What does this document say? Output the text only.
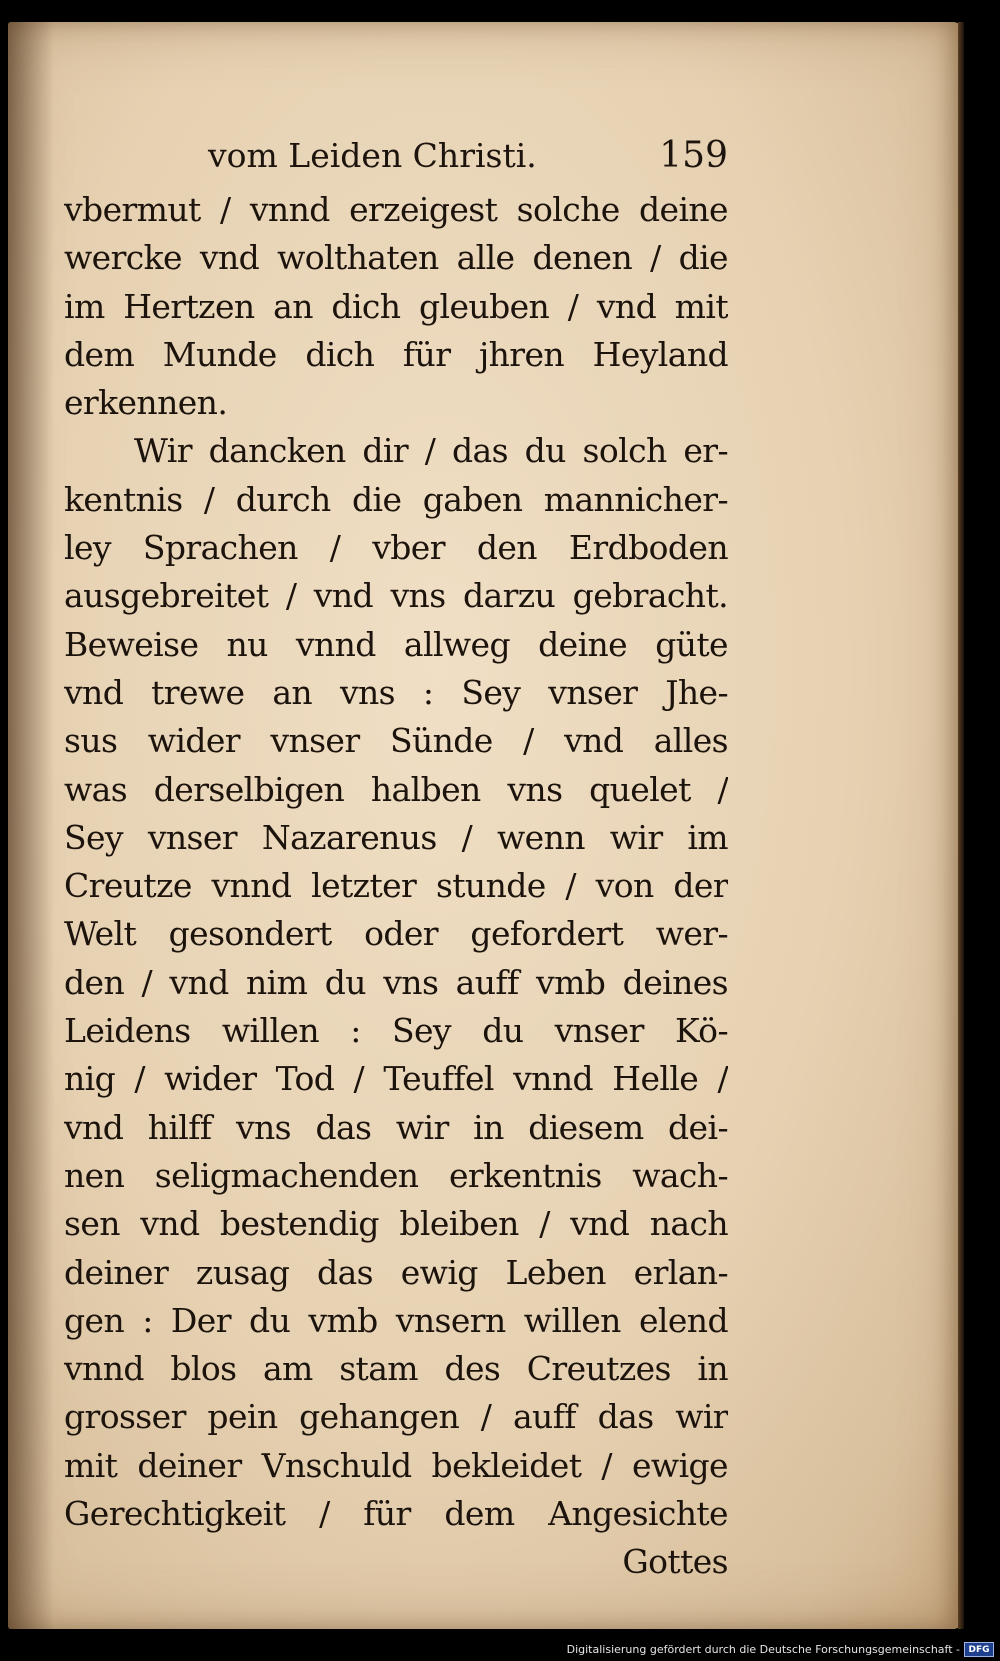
vom Leiden Christi.	159
vbermut / vnnd erzeigest solche deine
wercke vnd wolthaten alle denen / die
im Hertzen an dich gleuben / vnd mit
dem Munde dich für jhren Heyland
erkennen.
Wir dancken dir / das du solch er-
kentnis / durch die gaben mannicher-
ley Sprachen / vber den Erdboden
ausgebreitet / vnd vns darzu gebracht.
Beweise nu vnnd allweg deine güte
vnd trewe an vns : Sey vnser Jhe-
sus wider vnser Sünde / vnd alles
was derselbigen halben vns quelet /
Sey vnser Nazarenus / wenn wir im
Creutze vnnd letzter stunde / von der
Welt gesondert oder gefordert wer-
den / vnd nim du vns auff vmb deines
Leidens willen : Sey du vnser Kö-
nig / wider Tod / Teuffel vnnd Helle /
vnd hilff vns das wir in diesem dei-
nen seligmachenden erkentnis wach-
sen vnd bestendig bleiben / vnd nach
deiner zusag das ewig Leben erlan-
gen : Der du vmb vnsern willen elend
vnnd blos am stam des Creutzes in
grosser pein gehangen / auff das wir
mit deiner Vnschuld bekleidet / ewige
Gerechtigkeit / für dem Angesichte
Gottes
Digitalisierung gefördert durch die Deutsche Forschungsgemeinschaft - DFG
